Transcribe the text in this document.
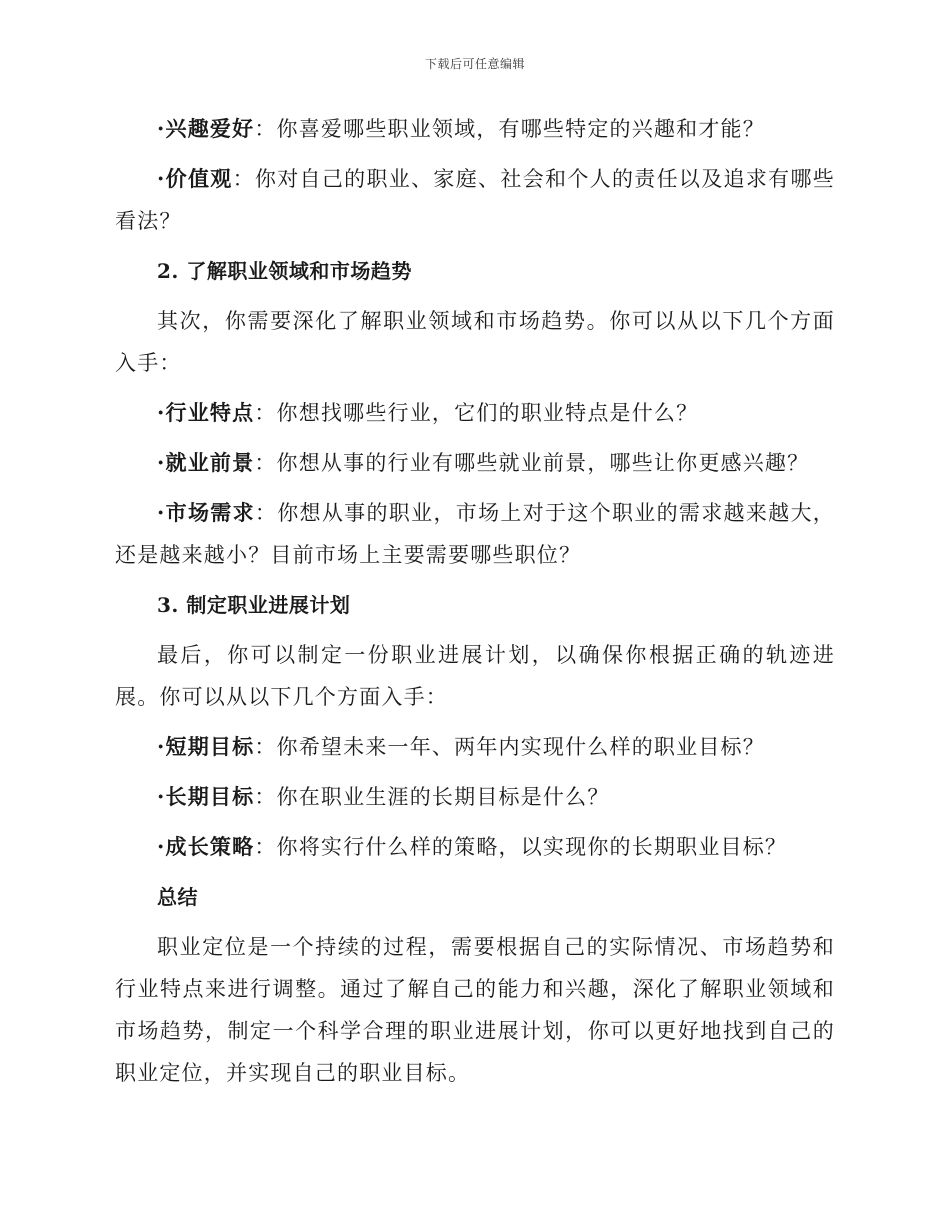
下载后可任意编辑

·兴趣爱好：你喜爱哪些职业领域，有哪些特定的兴趣和才能？

·价值观：你对自己的职业、家庭、社会和个人的责任以及追求有哪些看法？

2. 了解职业领域和市场趋势

其次，你需要深化了解职业领域和市场趋势。你可以从以下几个方面入手：

·行业特点：你想找哪些行业，它们的职业特点是什么？

·就业前景：你想从事的行业有哪些就业前景，哪些让你更感兴趣？

·市场需求：你想从事的职业，市场上对于这个职业的需求越来越大，还是越来越小？目前市场上主要需要哪些职位？

3. 制定职业进展计划

最后，你可以制定一份职业进展计划，以确保你根据正确的轨迹进展。你可以从以下几个方面入手：

·短期目标：你希望未来一年、两年内实现什么样的职业目标？

·长期目标：你在职业生涯的长期目标是什么？

·成长策略：你将实行什么样的策略，以实现你的长期职业目标？

总结

职业定位是一个持续的过程，需要根据自己的实际情况、市场趋势和行业特点来进行调整。通过了解自己的能力和兴趣，深化了解职业领域和市场趋势，制定一个科学合理的职业进展计划，你可以更好地找到自己的职业定位，并实现自己的职业目标。
